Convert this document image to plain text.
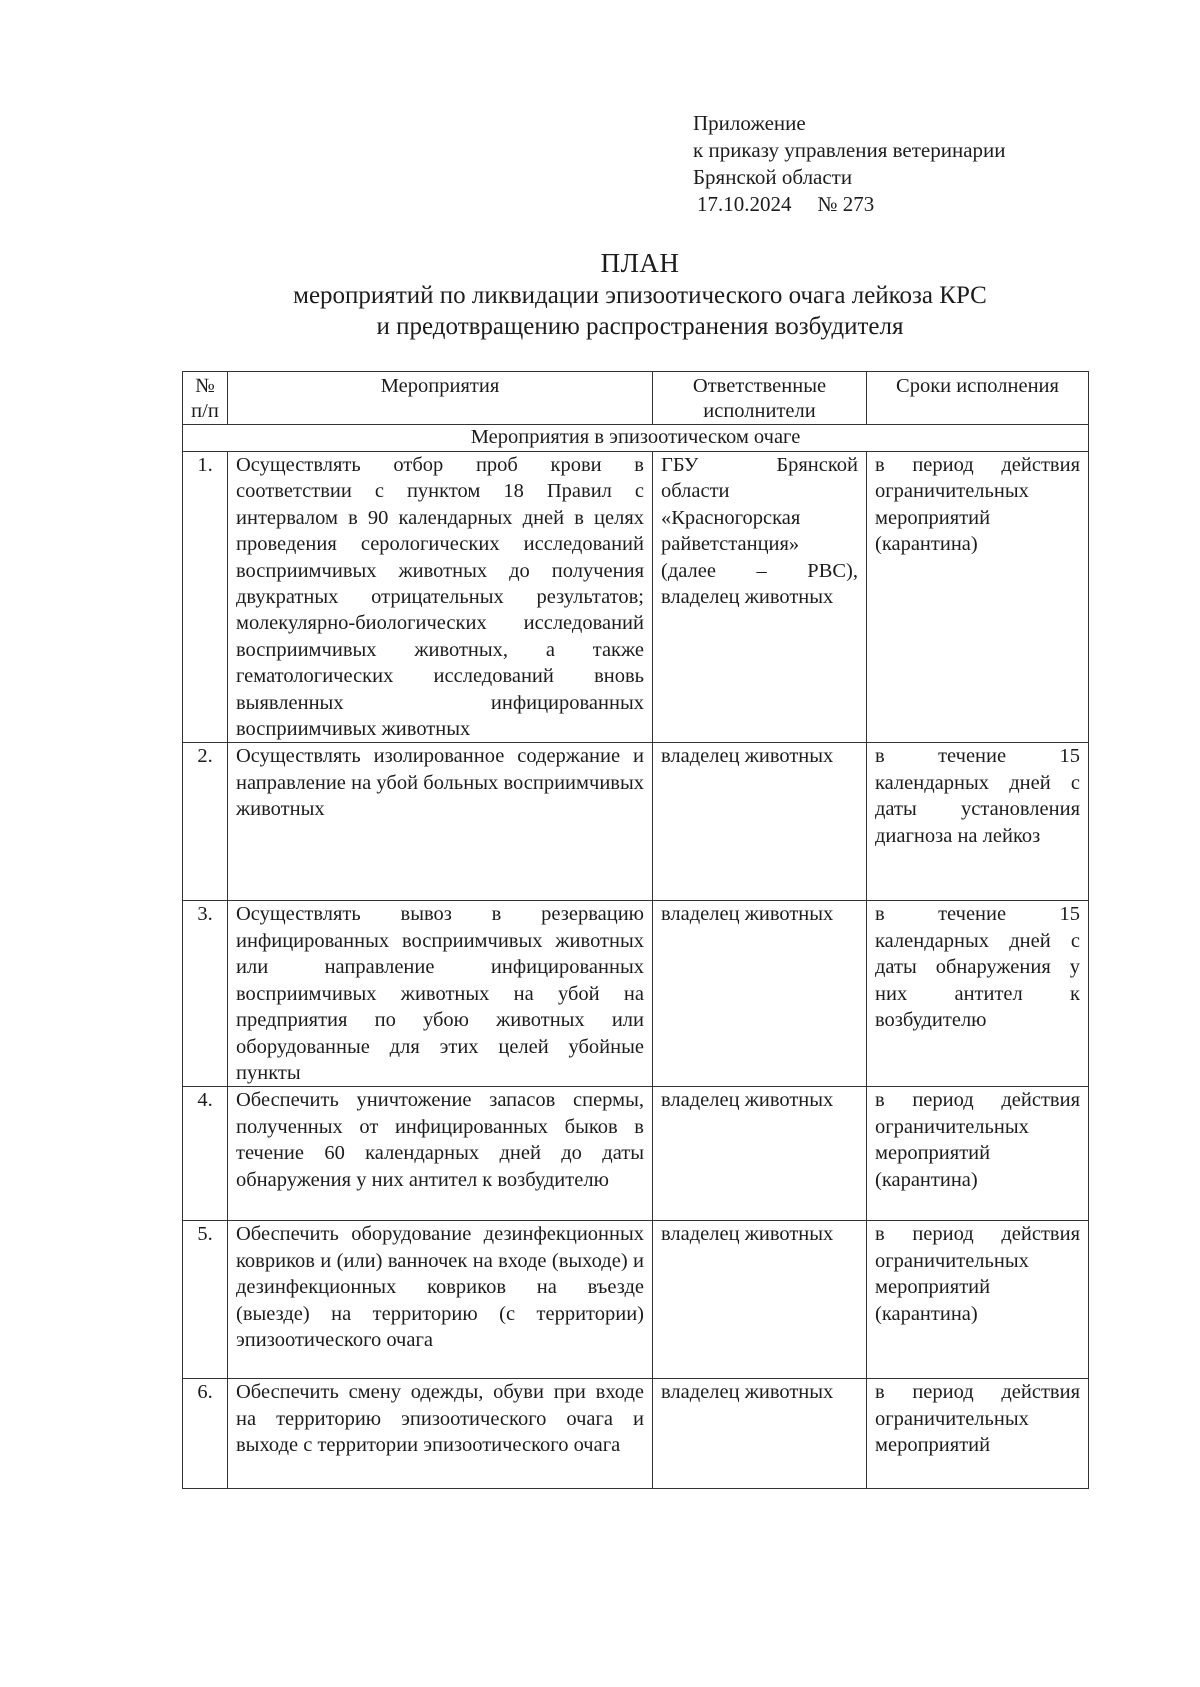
Приложение
к приказу управления ветеринарии
Брянской области
17.10.2024 № 273
ПЛАН
мероприятий по ликвидации эпизоотического очага лейкоза КРС
и предотвращению распространения возбудителя
№ п/п	Мероприятия	Ответственные исполнители	Сроки исполнения
Мероприятия в эпизоотическом очаге			
1.	Осуществлять отбор проб крови в соответствии с пунктом 18 Правил с интервалом в 90 календарных дней в целях проведения серологических исследований восприимчивых животных до получения двукратных отрицательных результатов; молекулярно-биологических исследований восприимчивых животных, а также гематологических исследований вновь выявленных инфицированных восприимчивых животных	ГБУ Брянской области «Красногорская райветстанция» (далее – РВС), владелец животных	в период действия ограничительных мероприятий (карантина)
2.	Осуществлять изолированное содержание и направление на убой больных восприимчивых животных	владелец животных	в течение 15 календарных дней с даты установления диагноза на лейкоз
3.	Осуществлять вывоз в резервацию инфицированных восприимчивых животных или направление инфицированных восприимчивых животных на убой на предприятия по убою животных или оборудованные для этих целей убойные пункты	владелец животных	в течение 15 календарных дней с даты обнаружения у них антител к возбудителю
4.	Обеспечить уничтожение запасов спермы, полученных от инфицированных быков в течение 60 календарных дней до даты обнаружения у них антител к возбудителю	владелец животных	в период действия ограничительных мероприятий (карантина)
5.	Обеспечить оборудование дезинфекционных ковриков и (или) ванночек на входе (выходе) и дезинфекционных ковриков на въезде (выезде) на территорию (с территории) эпизоотического очага	владелец животных	в период действия ограничительных мероприятий (карантина)
6.	Обеспечить смену одежды, обуви при входе на территорию эпизоотического очага и выходе с территории эпизоотического очага	владелец животных	в период действия ограничительных мероприятий
